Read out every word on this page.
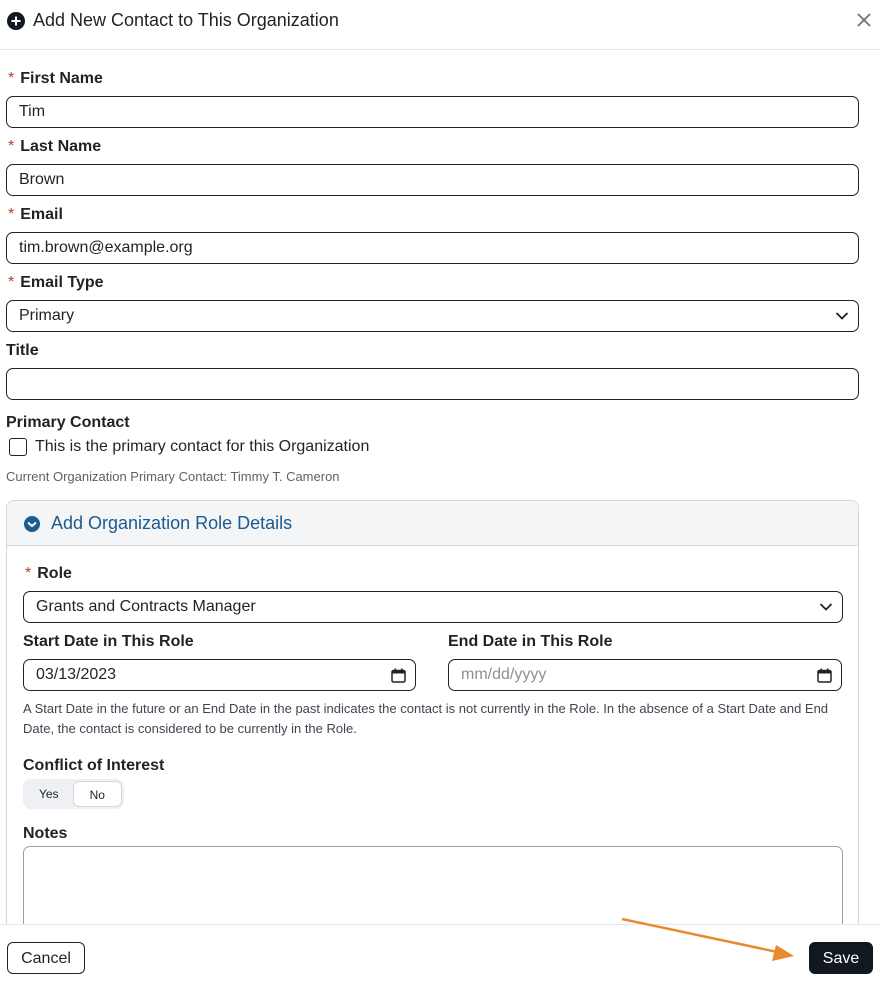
Add New Contact to This Organization
* First Name
Tim
* Last Name
Brown
* Email
tim.brown@example.org
* Email Type
Primary
Title
Primary Contact
This is the primary contact for this Organization
Current Organization Primary Contact: Timmy T. Cameron
Add Organization Role Details
* Role
Grants and Contracts Manager
Start Date in This Role
03/13/2023
End Date in This Role
mm/dd/yyyy
A Start Date in the future or an End Date in the past indicates the contact is not currently in the Role. In the absence of a Start Date and End Date, the contact is considered to be currently in the Role.
Conflict of Interest
Yes	No
Notes
Cancel	Save
